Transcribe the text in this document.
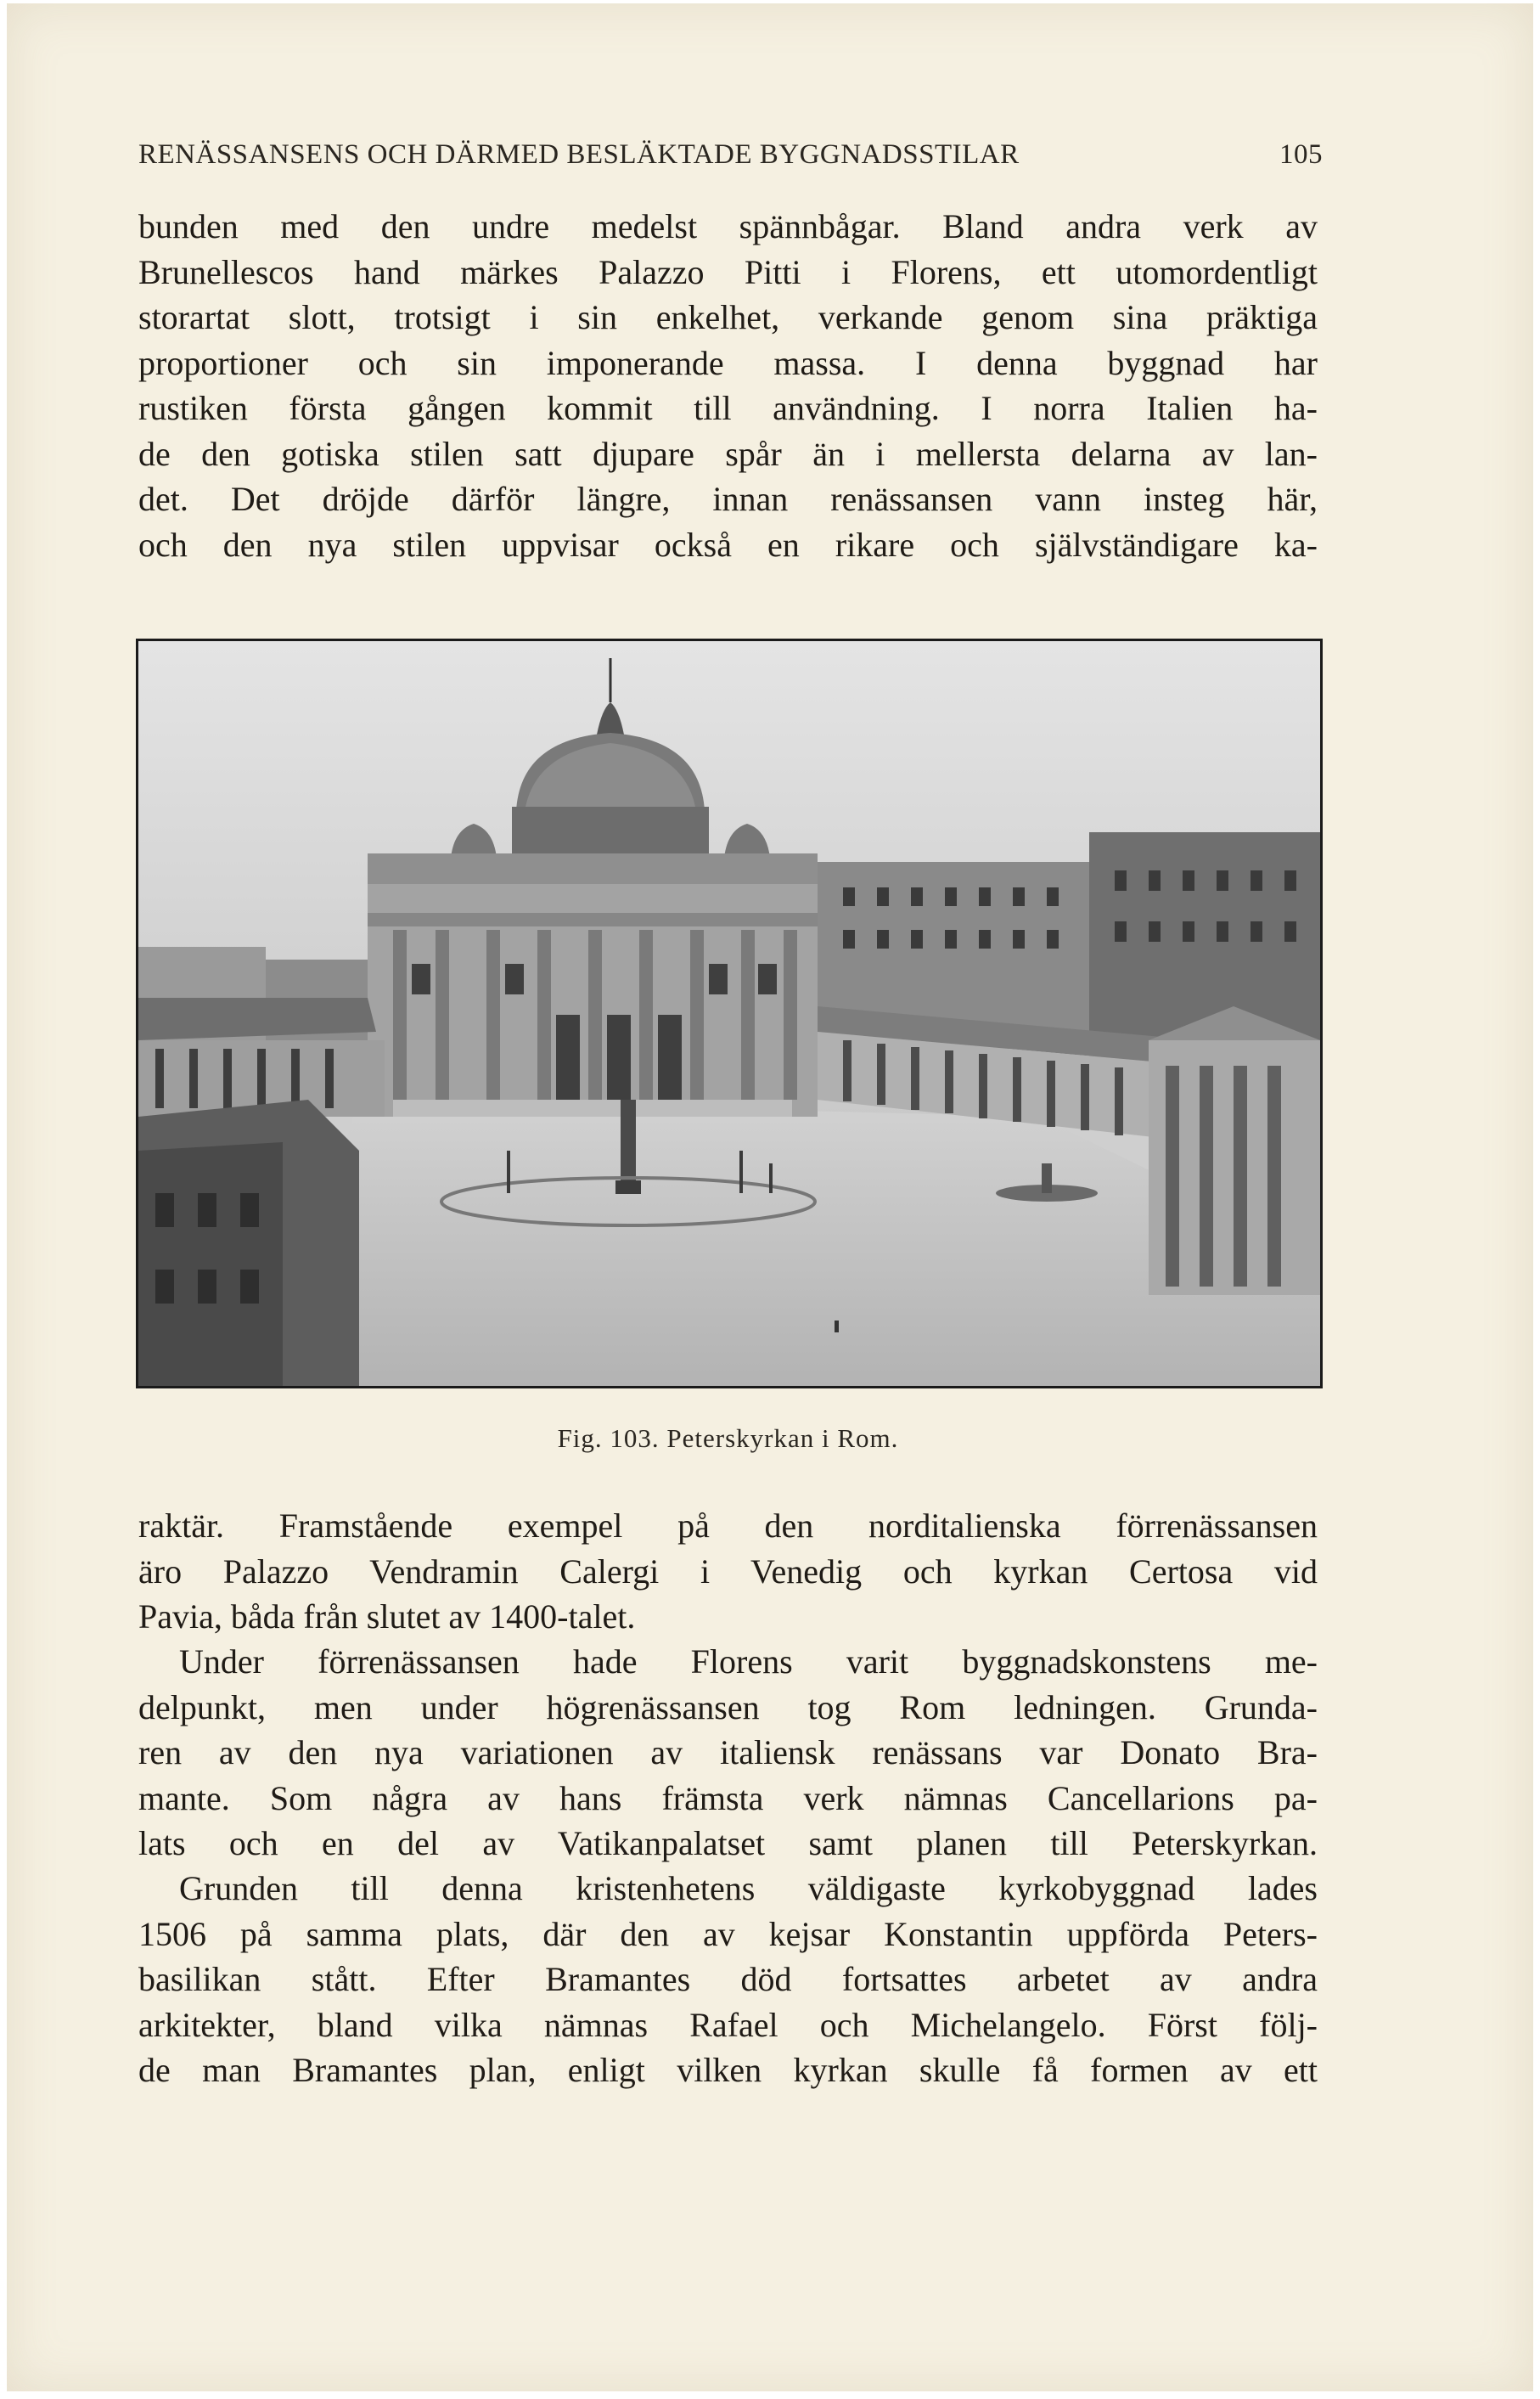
RENÄSSANSENS OCH DÄRMED BESLÄKTADE BYGGNADSSTILAR	105

bunden med den undre medelst spännbågar. Bland andra verk av
Brunellescos hand märkes Palazzo Pitti i Florens, ett utomordentligt
storartat slott, trotsigt i sin enkelhet, verkande genom sina präktiga
proportioner och sin imponerande massa. I denna byggnad har
rustiken första gången kommit till användning. I norra Italien ha-
de den gotiska stilen satt djupare spår än i mellersta delarna av lan-
det. Det dröjde därför längre, innan renässansen vann insteg här,
och den nya stilen uppvisar också en rikare och självständigare ka-

Fig. 103. Peterskyrkan i Rom.

raktär. Framstående exempel på den norditalienska förrenässansen
äro Palazzo Vendramin Calergi i Venedig och kyrkan Certosa vid
Pavia, båda från slutet av 1400-talet.

Under förrenässansen hade Florens varit byggnadskonstens me-
delpunkt, men under högrenässansen tog Rom ledningen. Grunda-
ren av den nya variationen av italiensk renässans var Donato Bra-
mante. Som några av hans främsta verk nämnas Cancellarions pa-
lats och en del av Vatikanpalatset samt planen till Peterskyrkan.

Grunden till denna kristenhetens väldigaste kyrkobyggnad lades
1506 på samma plats, där den av kejsar Konstantin uppförda Peters-
basilikan stått. Efter Bramantes död fortsattes arbetet av andra
arkitekter, bland vilka nämnas Rafael och Michelangelo. Först följ-
de man Bramantes plan, enligt vilken kyrkan skulle få formen av ett
